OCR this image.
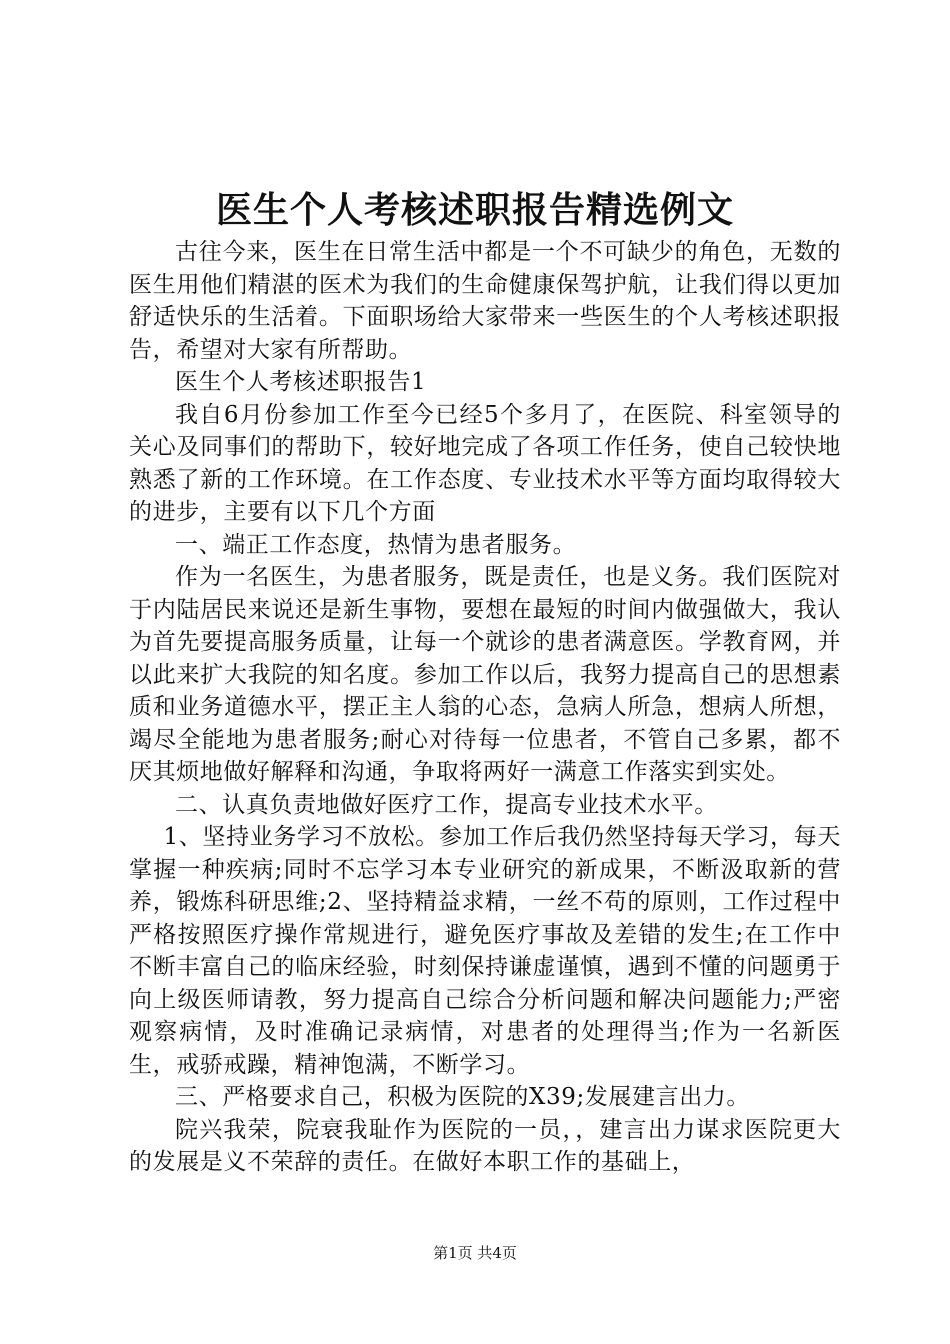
医生个人考核述职报告精选例文

古往今来，医生在日常生活中都是一个不可缺少的角色，无数的医生用他们精湛的医术为我们的生命健康保驾护航，让我们得以更加舒适快乐的生活着。下面职场给大家带来一些医生的个人考核述职报告，希望对大家有所帮助。

医生个人考核述职报告1

我自6月份参加工作至今已经5个多月了，在医院、科室领导的关心及同事们的帮助下，较好地完成了各项工作任务，使自己较快地熟悉了新的工作环境。在工作态度、专业技术水平等方面均取得较大的进步，主要有以下几个方面

一、端正工作态度，热情为患者服务。

作为一名医生，为患者服务，既是责任，也是义务。我们医院对于内陆居民来说还是新生事物，要想在最短的时间内做强做大，我认为首先要提高服务质量，让每一个就诊的患者满意医。学教育网，并以此来扩大我院的知名度。参加工作以后，我努力提高自己的思想素质和业务道德水平，摆正主人翁的心态，急病人所急，想病人所想，竭尽全能地为患者服务;耐心对待每一位患者，不管自己多累，都不厌其烦地做好解释和沟通，争取将两好一满意工作落实到实处。

二、认真负责地做好医疗工作，提高专业技术水平。

1、坚持业务学习不放松。参加工作后我仍然坚持每天学习，每天掌握一种疾病;同时不忘学习本专业研究的新成果，不断汲取新的营养，锻炼科研思维;2、坚持精益求精，一丝不苟的原则，工作过程中严格按照医疗操作常规进行，避免医疗事故及差错的发生;在工作中不断丰富自己的临床经验，时刻保持谦虚谨慎，遇到不懂的问题勇于向上级医师请教，努力提高自己综合分析问题和解决问题能力;严密观察病情，及时准确记录病情，对患者的处理得当;作为一名新医生，戒骄戒躁，精神饱满，不断学习。

三、严格要求自己，积极为医院的X39;发展建言出力。

院兴我荣，院衰我耻作为医院的一员，，建言出力谋求医院更大的发展是义不荣辞的责任。在做好本职工作的基础上，

第1页 共4页
